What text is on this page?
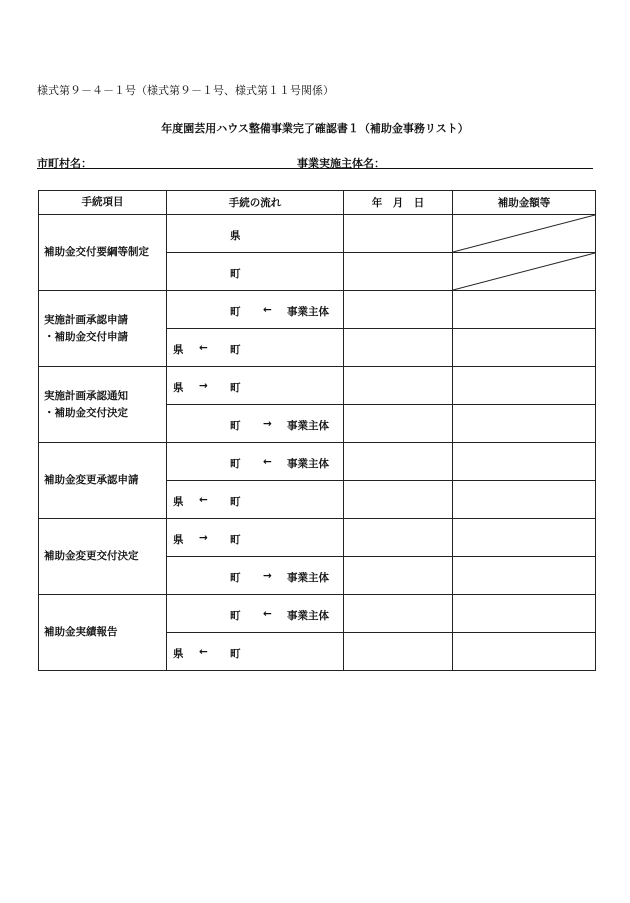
様式第９－４－１号（様式第９－１号、様式第１１号関係）
年度園芸用ハウス整備事業完了確認書１（補助金事務リスト）
市町村名：	事業実施主体名：
手続項目	手続の流れ	年　月　日	補助金額等
補助金交付要綱等制定	県

	町

実施計画承認申請
・補助金交付申請	町 ← 事業主体		

	県 ← 町		

実施計画承認通知
・補助金交付決定	県 → 町		

	町 → 事業主体		

補助金変更承認申請	町 ← 事業主体		

	県 ← 町		

補助金変更交付決定	県 → 町		

	町 → 事業主体		

補助金実績報告	町 ← 事業主体		

	県 ← 町		
